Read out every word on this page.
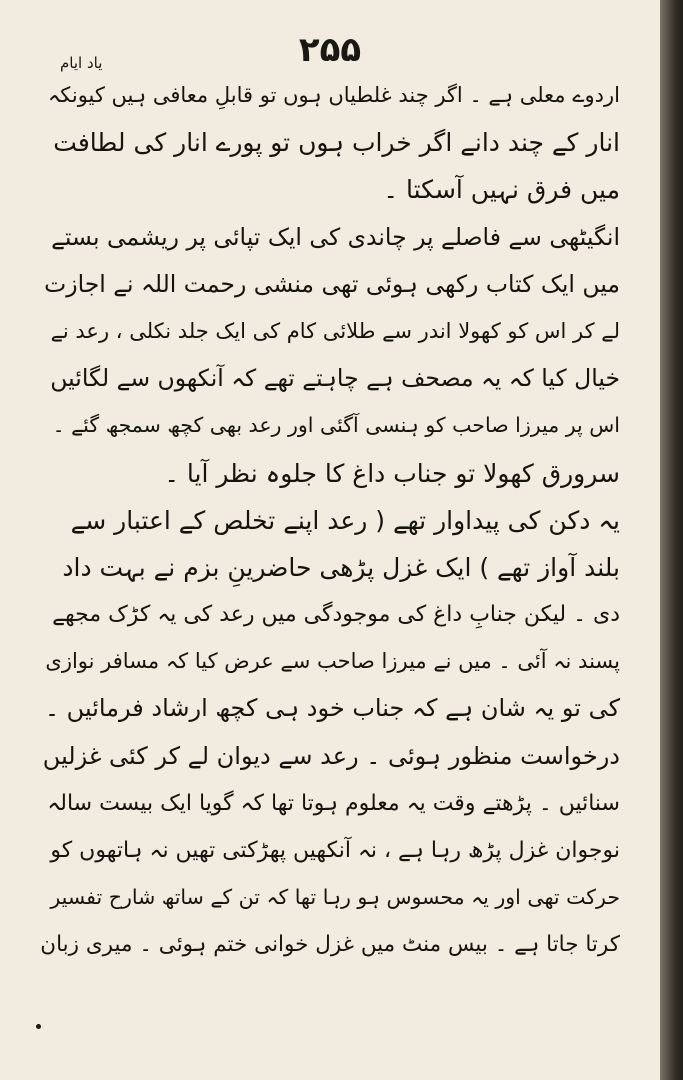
۲۵۵
یاد ایام
اردوے معلی ہے ۔ اگر چند غلطیاں ہوں تو قابلِ معافی ہیں کیونکہ
انار کے چند دانے اگر خراب ہوں تو پورے انار کی لطافت
میں فرق نہیں آسکتا ۔
انگیٹھی سے فاصلے پر چاندی کی ایک تپائی پر ریشمی بستے
میں ایک کتاب رکھی ہوئی تھی منشی رحمت اللہ نے اجازت
لے کر اس کو کھولا اندر سے طلائی کام کی ایک جلد نکلی ، رعد نے
خیال کیا کہ یہ مصحف ہے چاہتے تھے کہ آنکھوں سے لگائیں
اس پر میرزا صاحب کو ہنسی آگئی اور رعد بھی کچھ سمجھ گئے ۔
سرورق کھولا تو جناب داغ کا جلوہ نظر آیا ۔
یہ دکن کی پیداوار تھے ( رعد اپنے تخلص کے اعتبار سے
بلند آواز تھے ) ایک غزل پڑھی حاضرینِ بزم نے بہت داد
دی ۔ لیکن جنابِ داغ کی موجودگی میں رعد کی یہ کڑک مجھے
پسند نہ آئی ۔ میں نے میرزا صاحب سے عرض کیا کہ مسافر نوازی
کی تو یہ شان ہے کہ جناب خود ہی کچھ ارشاد فرمائیں ۔
درخواست منظور ہوئی ۔ رعد سے دیوان لے کر کئی غزلیں
سنائیں ۔ پڑھتے وقت یہ معلوم ہوتا تھا کہ گویا ایک بیست سالہ
نوجوان غزل پڑھ رہا ہے ، نہ آنکھیں پھڑکتی تھیں نہ ہاتھوں کو
حرکت تھی اور یہ محسوس ہو رہا تھا کہ تن کے ساتھ شارح تفسیر
کرتا جاتا ہے ۔ بیس منٹ میں غزل خوانی ختم ہوئی ۔ میری زبان
